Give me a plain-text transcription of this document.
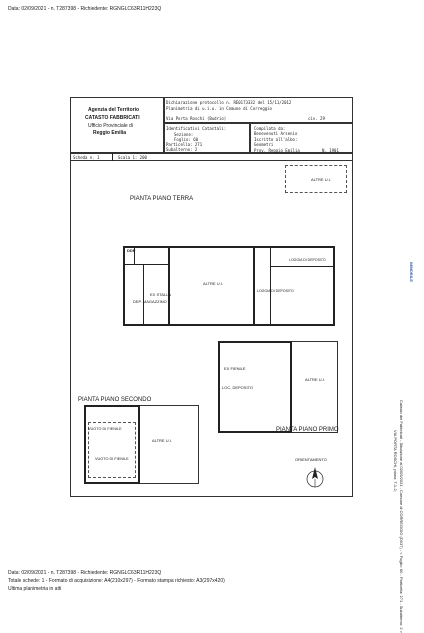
Data: 02/09/2021 - n. T287398 - Richiedente: RGNGLC63R11H223Q
Catasto dei Fabbricati - Situazione al 02/09/2021 - Comune di CORREGGIO (D037) - < Foglio: 60 - Particella: 271 - Subalterno: 2 >
VIA PORTA ROSCHI, piano: T-1-2;
IMMOBILE
Agenzia del Territorio
CATASTO FABBRICATI
Ufficio Provinciale di
Reggio Emilia
Dichiarazione protocollo n. RE0173332 del 15/11/2012
Planimetria di u.i.u. in Comune di Correggio
Via Porta Roschi (Budrio)	civ. 29
Identificativi Catastali:
Sezione:
Foglio: 60
Particella: 271
Subalterno: 2
Compilata da:
Benevenuti Arsenio
Iscritto all'albo:
Geometri
Prov. Reggio Emilia	N. 1901
Scheda n. 1	Scala 1: 200
ALTRE U.I.
PIANTA PIANO TERRA
DDP
EX STALLA
DEP. MAGAZZINO
ALTRE U.I.
LOGGIA DI DEPOSITO
LOGGIA DI DEPOSITO
EX FIENILE
LOC. DEPOSITO
ALTRE U.I.
PIANTA PIANO PRIMO
PIANTA PIANO SECONDO
VUOTO DI FIENILE
VUOTO DI FIENILE
ALTRE U.I.
ORIENTAMENTO
Data: 02/09/2021 - n. T287398 - Richiedente: RGNGLC63R11H223Q
Totale schede: 1 - Formato di acquisizione: A4(210x297) - Formato stampa richiesto: A3(297x420)
Ultima planimetria in atti
